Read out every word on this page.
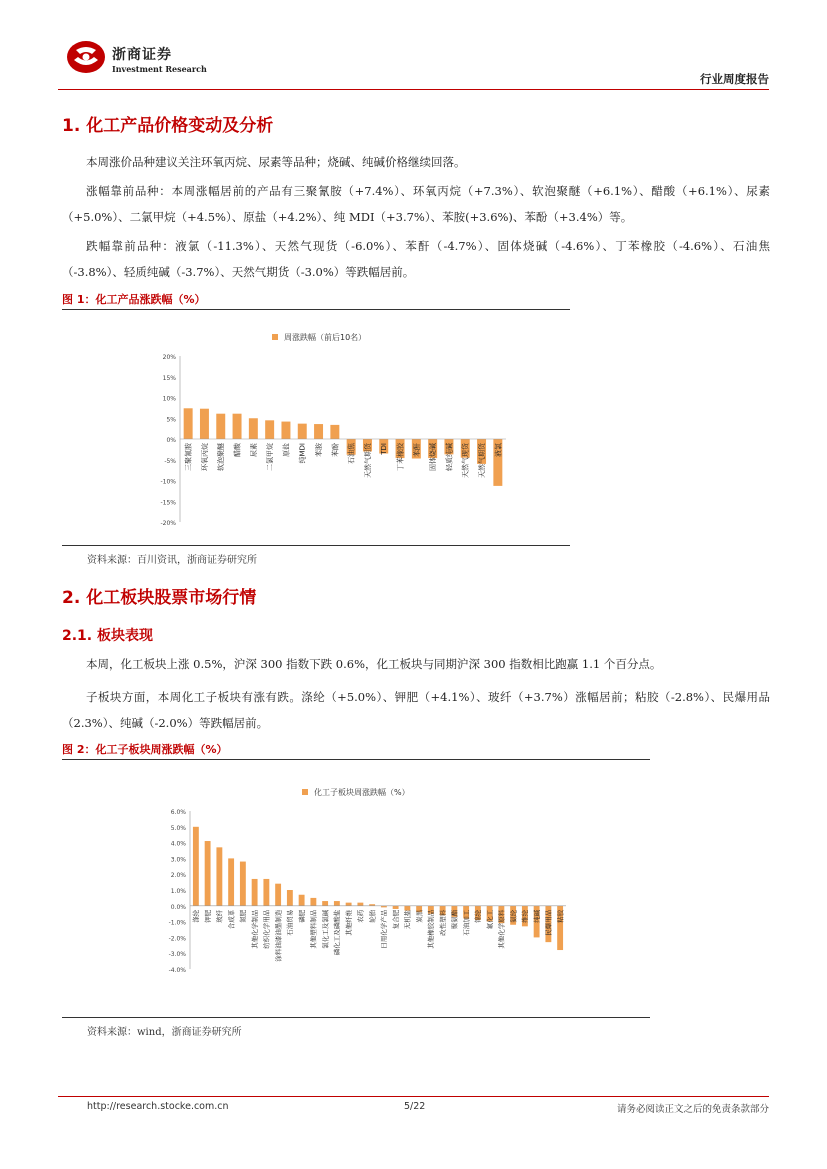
浙商证券
Investment Research
行业周度报告
1. 化工产品价格变动及分析
本周涨价品种建议关注环氧丙烷、尿素等品种；烧碱、纯碱价格继续回落。
涨幅靠前品种：本周涨幅居前的产品有三聚氰胺（+7.4%）、环氧丙烷（+7.3%）、软泡聚醚（+6.1%）、醋酸（+6.1%）、尿素（+5.0%）、二氯甲烷（+4.5%）、原盐（+4.2%）、纯 MDI（+3.7%）、苯胺(+3.6%)、苯酚（+3.4%）等。
跌幅靠前品种：液氯（-11.3%）、天然气现货（-6.0%）、苯酐（-4.7%）、固体烧碱（-4.6%）、丁苯橡胶（-4.6%）、石油焦（-3.8%）、轻质纯碱（-3.7%）、天然气期货（-3.0%）等跌幅居前。
图 1：化工产品涨跌幅（%）
周涨跌幅（前后10名）
20%
15%
10%
5%
0%
-5%
-10%
-15%
-20%
三聚氰胺 环氧丙烷 软泡聚醚 醋酸 尿素 二氯甲烷 原盐 纯MDI 苯胺 苯酚 石油焦 天然气期货 TDI 丁苯橡胶 苯酐 固体烧碱 轻质纯碱 天然气现货 天然气期货 液氯
资料来源：百川资讯，浙商证券研究所
2. 化工板块股票市场行情
2.1. 板块表现
本周，化工板块上涨 0.5%，沪深 300 指数下跌 0.6%，化工板块与同期沪深 300 指数相比跑赢 1.1 个百分点。
子板块方面，本周化工子板块有涨有跌。涤纶（+5.0%）、钾肥（+4.1%）、玻纤（+3.7%）涨幅居前；粘胶（-2.8%）、民爆用品（2.3%）、纯碱（-2.0%）等跌幅居前。
图 2：化工子板块周涨跌幅（%）
化工子板块周涨跌幅（%）
6.0%
5.0%
4.0%
3.0%
2.0%
1.0%
0.0%
-1.0%
-2.0%
-3.0%
-4.0%
涤纶 钾肥 玻纤 合成革 氮肥 其他化学制品 纺织化学用品 涂料油漆油墨制造 石油贸易 磷肥 其他塑料制品 氯化工及氯碱 磷化工及磷酸盐 其他纤维 农药 轮胎 日用化学产品 复合肥 无机盐 炭黑 其他橡胶制品 改性塑料 聚氨酯 石油加工 锦纶 氟化工 其他化学原料 氨纶 维纶 纯碱 民爆用品 粘胶
资料来源：wind，浙商证券研究所
http://research.stocke.com.cn	5/22	请务必阅读正文之后的免责条款部分
